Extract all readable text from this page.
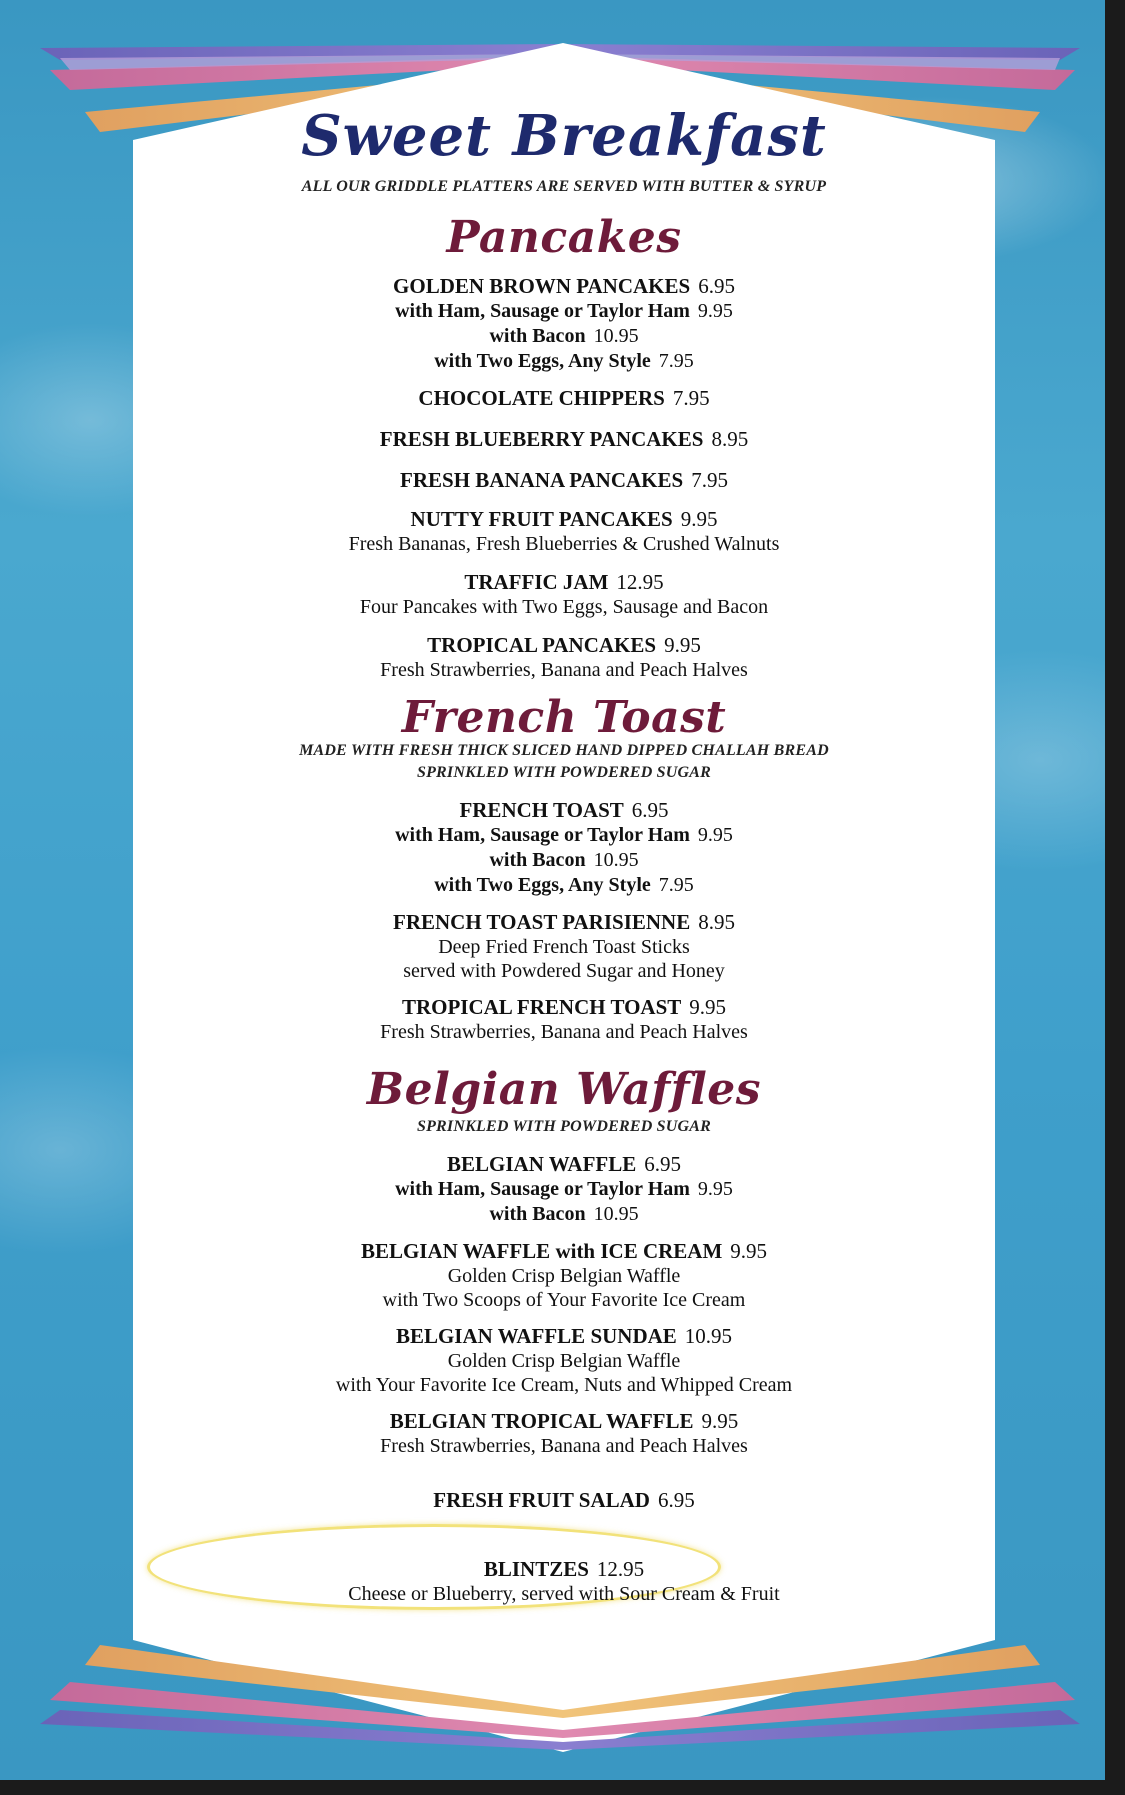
Sweet Breakfast
ALL OUR GRIDDLE PLATTERS ARE SERVED WITH BUTTER & SYRUP
Pancakes
GOLDEN BROWN PANCAKES 6.95
with Ham, Sausage or Taylor Ham 9.95
with Bacon 10.95
with Two Eggs, Any Style 7.95
CHOCOLATE CHIPPERS 7.95
FRESH BLUEBERRY PANCAKES 8.95
FRESH BANANA PANCAKES 7.95
NUTTY FRUIT PANCAKES 9.95
Fresh Bananas, Fresh Blueberries & Crushed Walnuts
TRAFFIC JAM 12.95
Four Pancakes with Two Eggs, Sausage and Bacon
TROPICAL PANCAKES 9.95
Fresh Strawberries, Banana and Peach Halves
French Toast
MADE WITH FRESH THICK SLICED HAND DIPPED CHALLAH BREAD
SPRINKLED WITH POWDERED SUGAR
FRENCH TOAST 6.95
with Ham, Sausage or Taylor Ham 9.95
with Bacon 10.95
with Two Eggs, Any Style 7.95
FRENCH TOAST PARISIENNE 8.95
Deep Fried French Toast Sticks
served with Powdered Sugar and Honey
TROPICAL FRENCH TOAST 9.95
Fresh Strawberries, Banana and Peach Halves
Belgian Waffles
SPRINKLED WITH POWDERED SUGAR
BELGIAN WAFFLE 6.95
with Ham, Sausage or Taylor Ham 9.95
with Bacon 10.95
BELGIAN WAFFLE with ICE CREAM 9.95
Golden Crisp Belgian Waffle
with Two Scoops of Your Favorite Ice Cream
BELGIAN WAFFLE SUNDAE 10.95
Golden Crisp Belgian Waffle
with Your Favorite Ice Cream, Nuts and Whipped Cream
BELGIAN TROPICAL WAFFLE 9.95
Fresh Strawberries, Banana and Peach Halves
FRESH FRUIT SALAD 6.95
BLINTZES 12.95
Cheese or Blueberry, served with Sour Cream & Fruit
